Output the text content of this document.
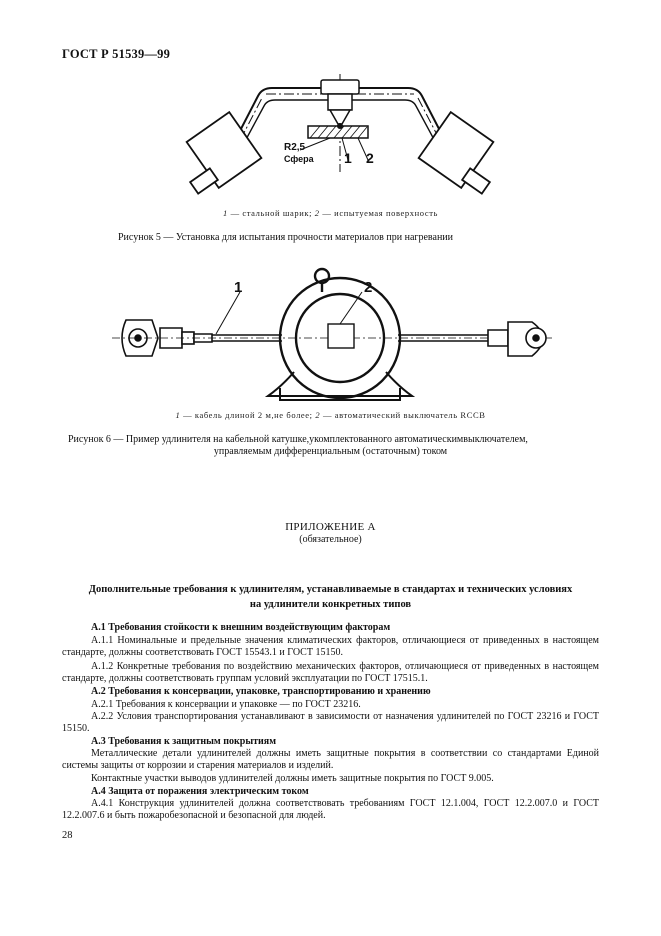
ГОСТ Р 51539—99
R2,5
Сфера 1 2
1 — стальной шарик; 2 — испытуемая поверхность
Рисунок 5 — Установка для испытания прочности материалов при нагревании
1	2
1 — кабель длиной 2 м,не более; 2 — автоматический выключатель RCCB
Рисунок 6 — Пример удлинителя на кабельной катушке,укомплектованного автоматическимвыключателем,
управляемым дифференциальным (остаточным) током
ПРИЛОЖЕНИЕ А
(обязательное)
Дополнительные требования к удлинителям, устанавливаемые в стандартах и технических условиях
на удлинители конкретных типов
А.1 Требования стойкости к внешним воздействующим факторам
А.1.1 Номинальные и предельные значения климатических факторов, отличающиеся от приведенных в настоящем стандарте, должны соответствовать ГОСТ 15543.1 и ГОСТ 15150.
А.1.2 Конкретные требования по воздействию механических факторов, отличающиеся от приведенных в настоящем стандарте, должны соответствовать группам условий эксплуатации по ГОСТ 17515.1.
А.2 Требования к консервации, упаковке, транспортированию и хранению
А.2.1 Требования к консервации и упаковке — по ГОСТ 23216.
А.2.2 Условия транспортирования устанавливают в зависимости от назначения удлинителей по ГОСТ 23216 и ГОСТ 15150.
А.3 Требования к защитным покрытиям
Металлические детали удлинителей должны иметь защитные покрытия в соответствии со стандартами Единой системы защиты от коррозии и старения материалов и изделий.
Контактные участки выводов удлинителей должны иметь защитные покрытия по ГОСТ 9.005.
А.4 Защита от поражения электрическим током
А.4.1 Конструкция удлинителей должна соответствовать требованиям ГОСТ 12.1.004, ГОСТ 12.2.007.0 и ГОСТ 12.2.007.6 и быть пожаробезопасной и безопасной для людей.
28
